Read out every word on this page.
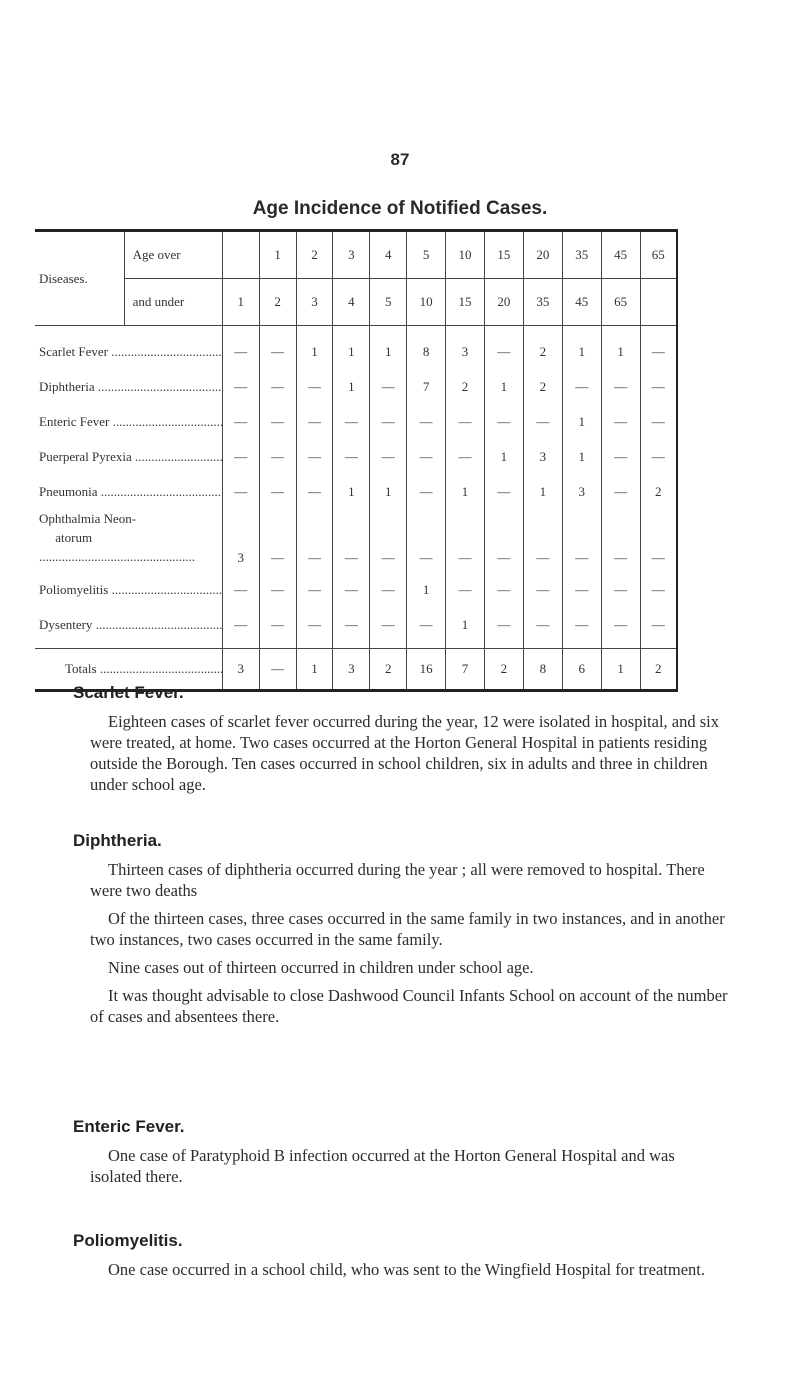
87
Age Incidence of Notified Cases.
Diseases.	Age over		1	2	3	4	5	10	15	20	35	45	65
	and under	1	2	3	4	5	10	15	20	35	45	65	
Scarlet Fever .....		—	—	1	1	1	8	3	—	2	1	1	—
Diphtheria .....		—	—	—	1	—	7	2	1	2	—	—	—
Enteric Fever .....		—	—	—	—	—	—	—	—	—	1	—	—
Puerperal Pyrexia .....		—	—	—	—	—	—	—	1	3	1	—	—
Pneumonia .....		—	—	—	1	1	—	1	—	1	3	—	2
Ophthalmia Neon-
atorum .....		3	—	—	—	—	—	—	—	—	—	—	—
Poliomyelitis .....		—	—	—	—	—	1	—	—	—	—	—	—
Dysentery .....		—	—	—	—	—	—	1	—	—	—	—	—
Totals .....		3	—	1	3	2	16	7	2	8	6	1	2
Scarlet Fever.

Eighteen cases of scarlet fever occurred during the year, 12 were isolated in hospital, and six were treated, at home. Two cases occurred at the Horton General Hospital in patients residing outside the Borough. Ten cases occurred in school children, six in adults and three in children under school age.

Diphtheria.

Thirteen cases of diphtheria occurred during the year ; all were removed to hospital. There were two deaths

Of the thirteen cases, three cases occurred in the same family in two instances, and in another two instances, two cases occurred in the same family.

Nine cases out of thirteen occurred in children under school age.

It was thought advisable to close Dashwood Council Infants School on account of the number of cases and absentees there.

Enteric Fever.

One case of Paratyphoid B infection occurred at the Horton General Hospital and was isolated there.

Poliomyelitis.

One case occurred in a school child, who was sent to the Wingfield Hospital for treatment.
